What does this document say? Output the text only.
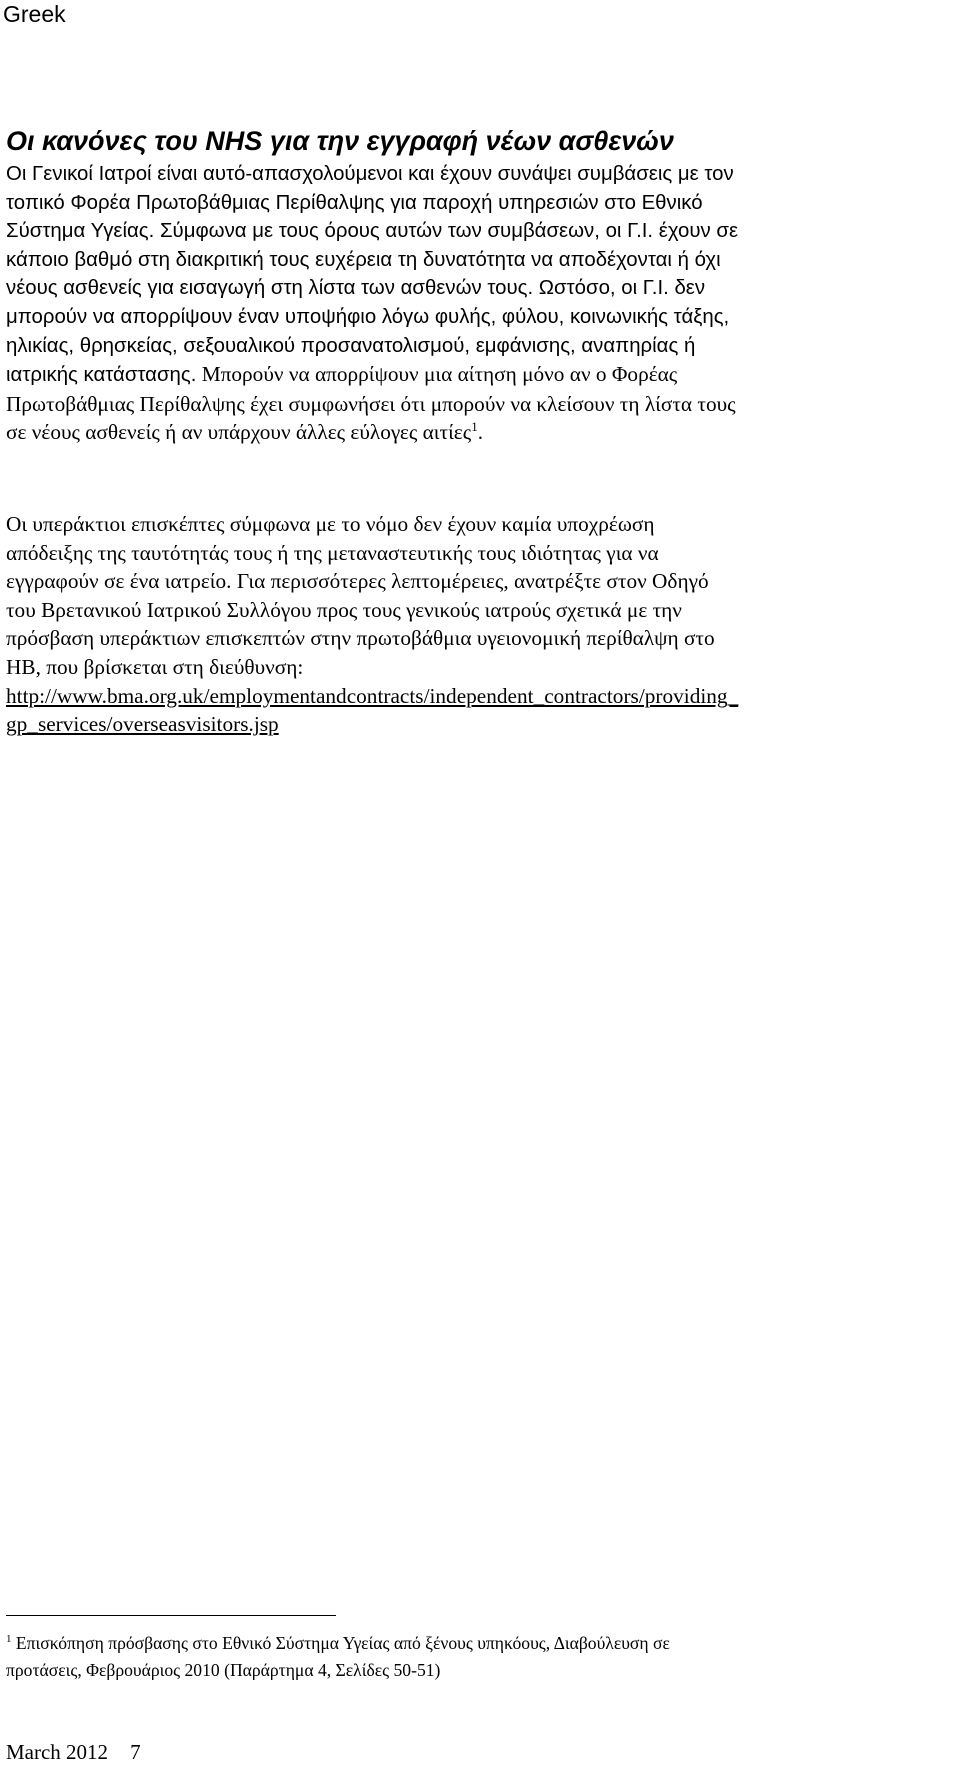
Greek
Οι κανόνες του NHS για την εγγραφή νέων ασθενών
Οι Γενικοί Ιατροί είναι αυτό-απασχολούμενοι και έχουν συνάψει συμβάσεις με τον
τοπικό Φορέα Πρωτοβάθμιας Περίθαλψης για παροχή υπηρεσιών στο Εθνικό
Σύστημα Υγείας. Σύμφωνα με τους όρους αυτών των συμβάσεων, οι Γ.Ι. έχουν σε
κάποιο βαθμό στη διακριτική τους ευχέρεια τη δυνατότητα να αποδέχονται ή όχι
νέους ασθενείς για εισαγωγή στη λίστα των ασθενών τους. Ωστόσο, οι Γ.Ι. δεν
μπορούν να απορρίψουν έναν υποψήφιο λόγω φυλής, φύλου, κοινωνικής τάξης,
ηλικίας, θρησκείας, σεξουαλικού προσανατολισμού, εμφάνισης, αναπηρίας ή
ιατρικής κατάστασης. Μπορούν να απορρίψουν μια αίτηση μόνο αν ο Φορέας
Πρωτοβάθμιας Περίθαλψης έχει συμφωνήσει ότι μπορούν να κλείσουν τη λίστα τους
σε νέους ασθενείς ή αν υπάρχουν άλλες εύλογες αιτίες$^1$.
Οι υπεράκτιοι επισκέπτες σύμφωνα με το νόμο δεν έχουν καμία υποχρέωση
απόδειξης της ταυτότητάς τους ή της μεταναστευτικής τους ιδιότητας για να
εγγραφούν σε ένα ιατρείο. Για περισσότερες λεπτομέρειες, ανατρέξτε στον Οδηγό
του Βρετανικού Ιατρικού Συλλόγου προς τους γενικούς ιατρούς σχετικά με την
πρόσβαση υπεράκτιων επισκεπτών στην πρωτοβάθμια υγειονομική περίθαλψη στο
ΗΒ, που βρίσκεται στη διεύθυνση:
http://www.bma.org.uk/employmentandcontracts/independent_contractors/providing_
gp_services/overseasvisitors.jsp
$^1$ Επισκόπηση πρόσβασης στο Εθνικό Σύστημα Υγείας από ξένους υπηκόους, Διαβούλευση σε
προτάσεις, Φεβρουάριος 2010 (Παράρτημα 4, Σελίδες 50-51)
March 2012 7
